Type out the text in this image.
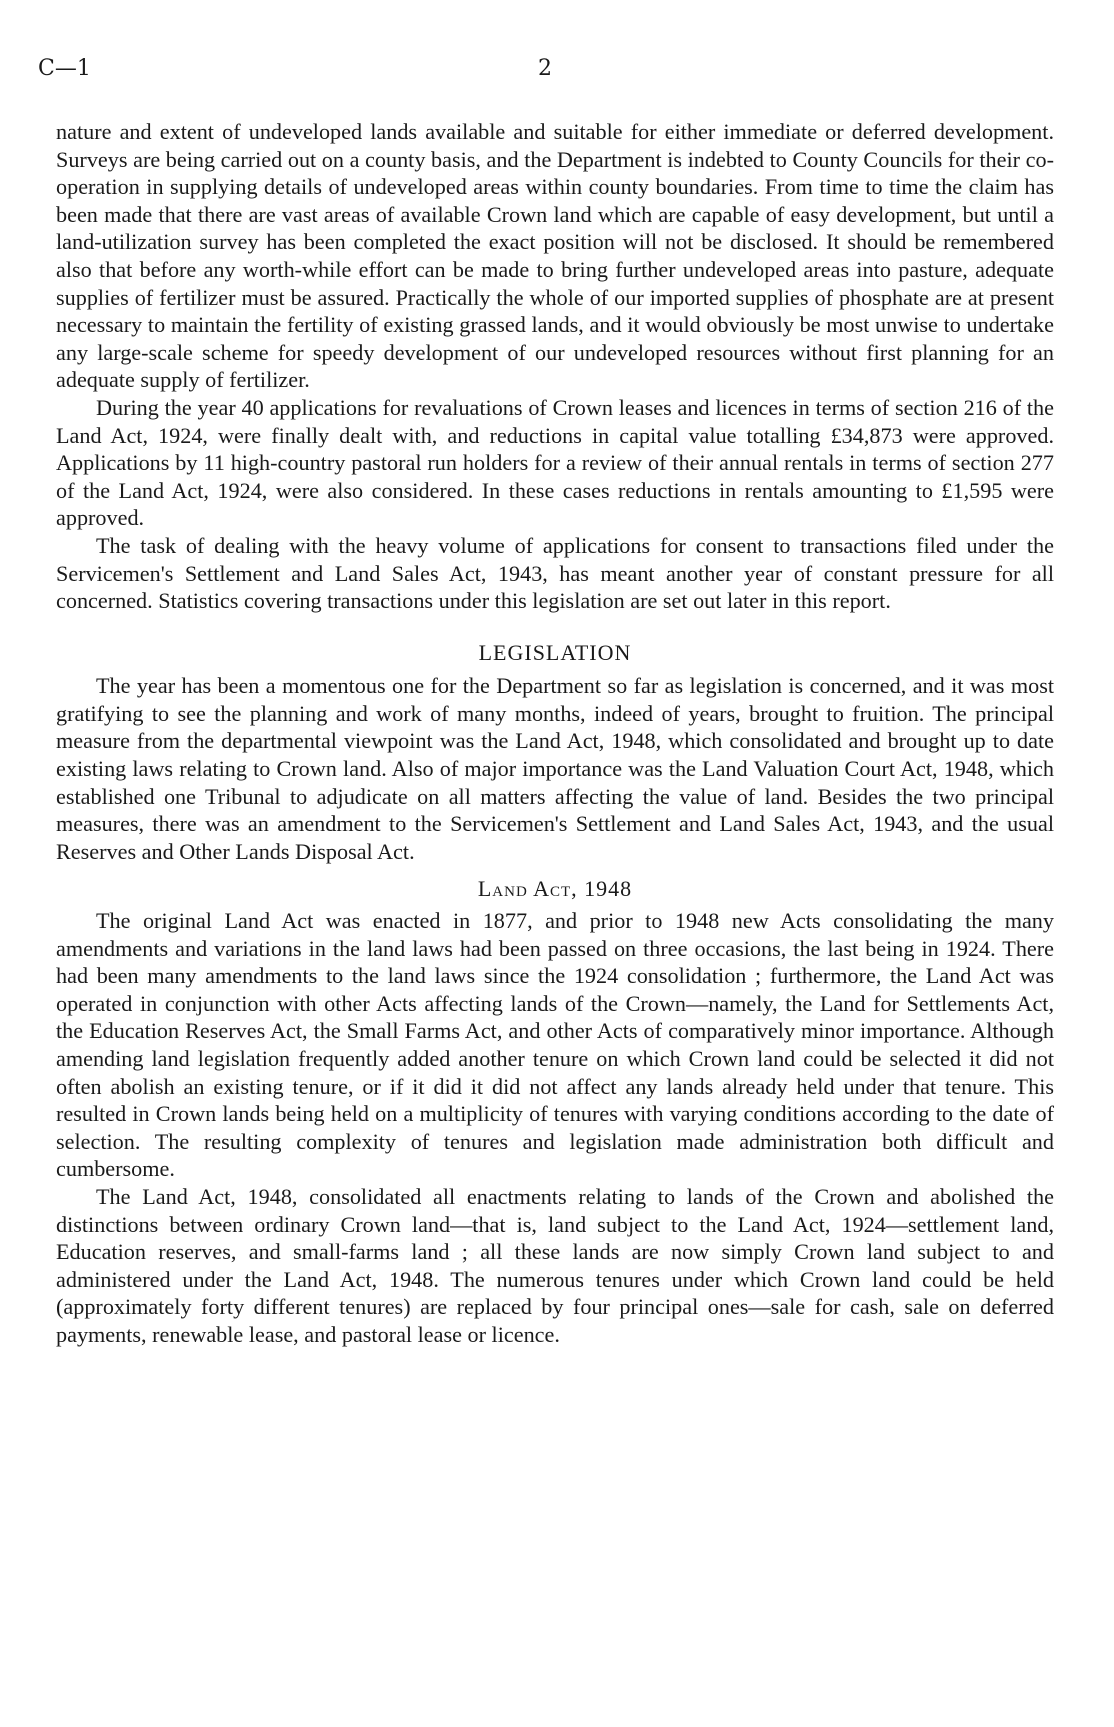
C—1	2

nature and extent of undeveloped lands available and suitable for either immediate or deferred development. Surveys are being carried out on a county basis, and the Department is indebted to County Councils for their co-operation in supplying details of undeveloped areas within county boundaries. From time to time the claim has been made that there are vast areas of available Crown land which are capable of easy development, but until a land-utilization survey has been completed the exact position will not be disclosed. It should be remembered also that before any worth-while effort can be made to bring further undeveloped areas into pasture, adequate supplies of fertilizer must be assured. Practically the whole of our imported supplies of phosphate are at present necessary to maintain the fertility of existing grassed lands, and it would obviously be most unwise to undertake any large-scale scheme for speedy development of our undeveloped resources without first planning for an adequate supply of fertilizer.

During the year 40 applications for revaluations of Crown leases and licences in terms of section 216 of the Land Act, 1924, were finally dealt with, and reductions in capital value totalling £34,873 were approved. Applications by 11 high-country pastoral run holders for a review of their annual rentals in terms of section 277 of the Land Act, 1924, were also considered. In these cases reductions in rentals amounting to £1,595 were approved.

The task of dealing with the heavy volume of applications for consent to transactions filed under the Servicemen's Settlement and Land Sales Act, 1943, has meant another year of constant pressure for all concerned. Statistics covering transactions under this legislation are set out later in this report.

LEGISLATION

The year has been a momentous one for the Department so far as legislation is concerned, and it was most gratifying to see the planning and work of many months, indeed of years, brought to fruition. The principal measure from the departmental viewpoint was the Land Act, 1948, which consolidated and brought up to date existing laws relating to Crown land. Also of major importance was the Land Valuation Court Act, 1948, which established one Tribunal to adjudicate on all matters affecting the value of land. Besides the two principal measures, there was an amendment to the Servicemen's Settlement and Land Sales Act, 1943, and the usual Reserves and Other Lands Disposal Act.

Land Act, 1948

The original Land Act was enacted in 1877, and prior to 1948 new Acts consolidating the many amendments and variations in the land laws had been passed on three occasions, the last being in 1924. There had been many amendments to the land laws since the 1924 consolidation ; furthermore, the Land Act was operated in conjunction with other Acts affecting lands of the Crown—namely, the Land for Settlements Act, the Education Reserves Act, the Small Farms Act, and other Acts of comparatively minor importance. Although amending land legislation frequently added another tenure on which Crown land could be selected it did not often abolish an existing tenure, or if it did it did not affect any lands already held under that tenure. This resulted in Crown lands being held on a multiplicity of tenures with varying conditions according to the date of selection. The resulting complexity of tenures and legislation made administration both difficult and cumbersome.

The Land Act, 1948, consolidated all enactments relating to lands of the Crown and abolished the distinctions between ordinary Crown land—that is, land subject to the Land Act, 1924—settlement land, Education reserves, and small-farms land ; all these lands are now simply Crown land subject to and administered under the Land Act, 1948. The numerous tenures under which Crown land could be held (approximately forty different tenures) are replaced by four principal ones—sale for cash, sale on deferred payments, renewable lease, and pastoral lease or licence.
